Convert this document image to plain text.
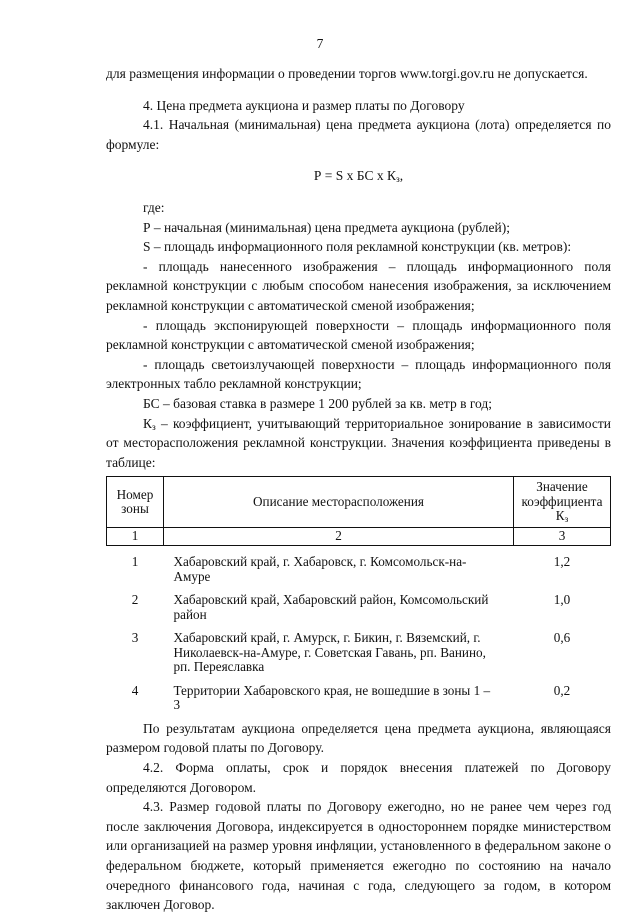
7

для размещения информации о проведении торгов www.torgi.gov.ru не допускается.

4. Цена предмета аукциона и размер платы по Договору

4.1. Начальная (минимальная) цена предмета аукциона (лота) определяется по формуле:

Р = S х БС х $К_з$,

где:

Р – начальная (минимальная) цена предмета аукциона (рублей);

S – площадь информационного поля рекламной конструкции (кв. метров):

- площадь нанесенного изображения – площадь информационного поля рекламной конструкции с любым способом нанесения изображения, за исключением рекламной конструкции с автоматической сменой изображения;

- площадь экспонирующей поверхности – площадь информационного поля рекламной конструкции с автоматической сменой изображения;

- площадь светоизлучающей поверхности – площадь информационного поля электронных табло рекламной конструкции;

БС – базовая ставка в размере 1 200 рублей за кв. метр в год;

$К_з$ – коэффициент, учитывающий территориальное зонирование в зависимости от месторасположения рекламной конструкции. Значения коэффициента приведены в таблице:

Номер зоны	Описание месторасположения	Значение коэффициента $К_з$
1	2	3
1	Хабаровский край, г. Хабаровск, г. Комсомольск-на-Амуре	1,2
2	Хабаровский край, Хабаровский район, Комсомольский район	1,0
3	Хабаровский край, г. Амурск, г. Бикин, г. Вяземский, г. Николаевск-на-Амуре, г. Советская Гавань, рп. Ванино, рп. Переяславка	0,6
4	Территории Хабаровского края, не вошедшие в зоны 1 – 3	0,2

По результатам аукциона определяется цена предмета аукциона, являющаяся размером годовой платы по Договору.

4.2. Форма оплаты, срок и порядок внесения платежей по Договору определяются Договором.

4.3. Размер годовой платы по Договору ежегодно, но не ранее чем через год после заключения Договора, индексируется в одностороннем порядке министерством или организацией на размер уровня инфляции, установленного в федеральном законе о федеральном бюджете, который применяется ежегодно по состоянию на начало очередного финансового года, начиная с года, следующего за годом, в котором заключен Договор.
